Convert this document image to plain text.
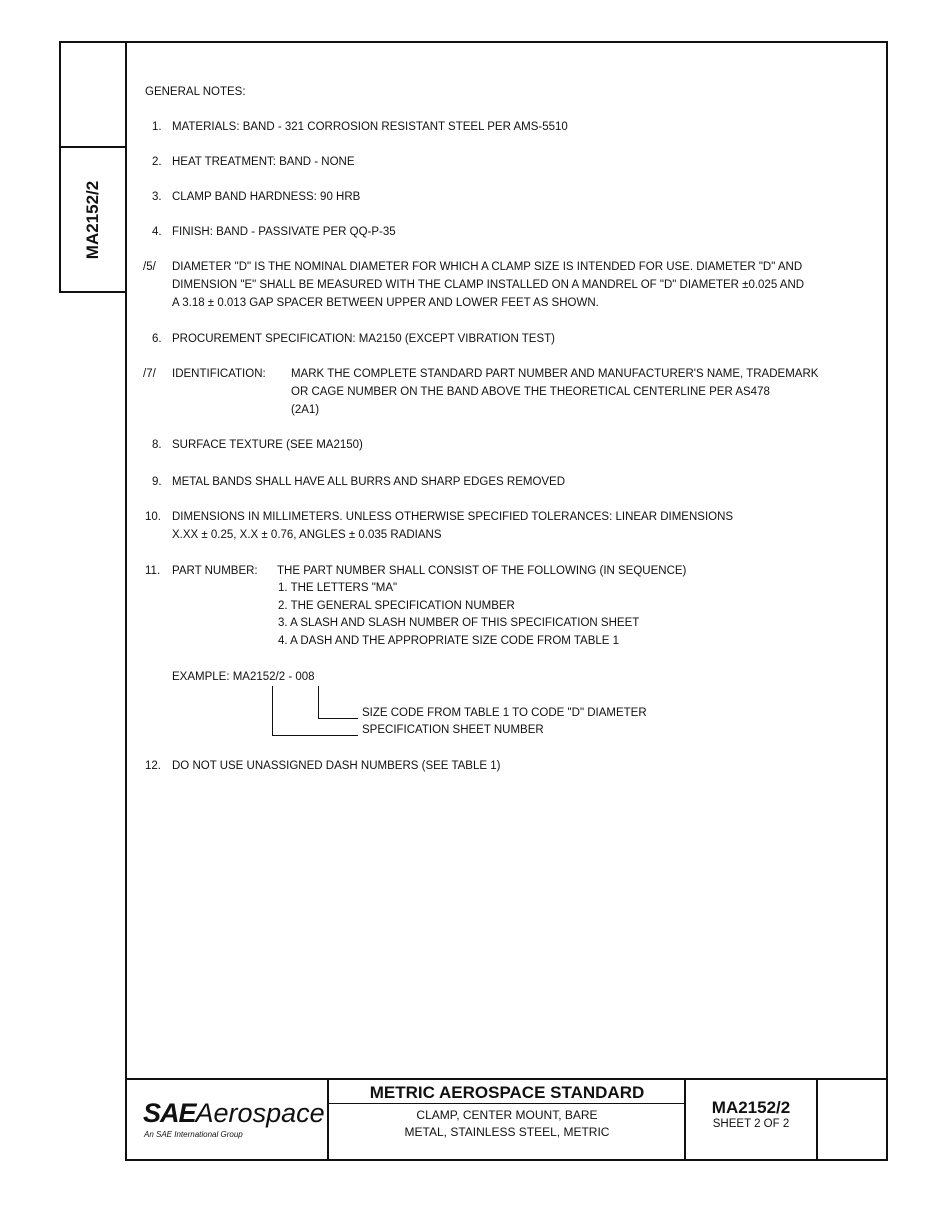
MA2152/2
GENERAL NOTES:
1. MATERIALS: BAND - 321 CORROSION RESISTANT STEEL PER AMS-5510
2. HEAT TREATMENT: BAND - NONE
3. CLAMP BAND HARDNESS: 90 HRB
4. FINISH: BAND - PASSIVATE PER QQ-P-35
/5/ DIAMETER "D" IS THE NOMINAL DIAMETER FOR WHICH A CLAMP SIZE IS INTENDED FOR USE. DIAMETER "D" AND
DIMENSION "E" SHALL BE MEASURED WITH THE CLAMP INSTALLED ON A MANDREL OF "D" DIAMETER ±0.025 AND
A 3.18 ± 0.013 GAP SPACER BETWEEN UPPER AND LOWER FEET AS SHOWN.
6. PROCUREMENT SPECIFICATION: MA2150 (EXCEPT VIBRATION TEST)
/7/ IDENTIFICATION: MARK THE COMPLETE STANDARD PART NUMBER AND MANUFACTURER'S NAME, TRADEMARK
OR CAGE NUMBER ON THE BAND ABOVE THE THEORETICAL CENTERLINE PER AS478
(2A1)
8. SURFACE TEXTURE (SEE MA2150)
9. METAL BANDS SHALL HAVE ALL BURRS AND SHARP EDGES REMOVED
10. DIMENSIONS IN MILLIMETERS. UNLESS OTHERWISE SPECIFIED TOLERANCES: LINEAR DIMENSIONS
X.XX ± 0.25, X.X ± 0.76, ANGLES ± 0.035 RADIANS
11. PART NUMBER: THE PART NUMBER SHALL CONSIST OF THE FOLLOWING (IN SEQUENCE)
1. THE LETTERS "MA"
2. THE GENERAL SPECIFICATION NUMBER
3. A SLASH AND SLASH NUMBER OF THIS SPECIFICATION SHEET
4. A DASH AND THE APPROPRIATE SIZE CODE FROM TABLE 1
EXAMPLE: MA2152/2 - 008
SIZE CODE FROM TABLE 1 TO CODE "D" DIAMETER
SPECIFICATION SHEET NUMBER
12. DO NOT USE UNASSIGNED DASH NUMBERS (SEE TABLE 1)
SAEAerospace
An SAE International Group
METRIC AEROSPACE STANDARD
CLAMP, CENTER MOUNT, BARE
METAL, STAINLESS STEEL, METRIC
MA2152/2
SHEET 2 OF 2
